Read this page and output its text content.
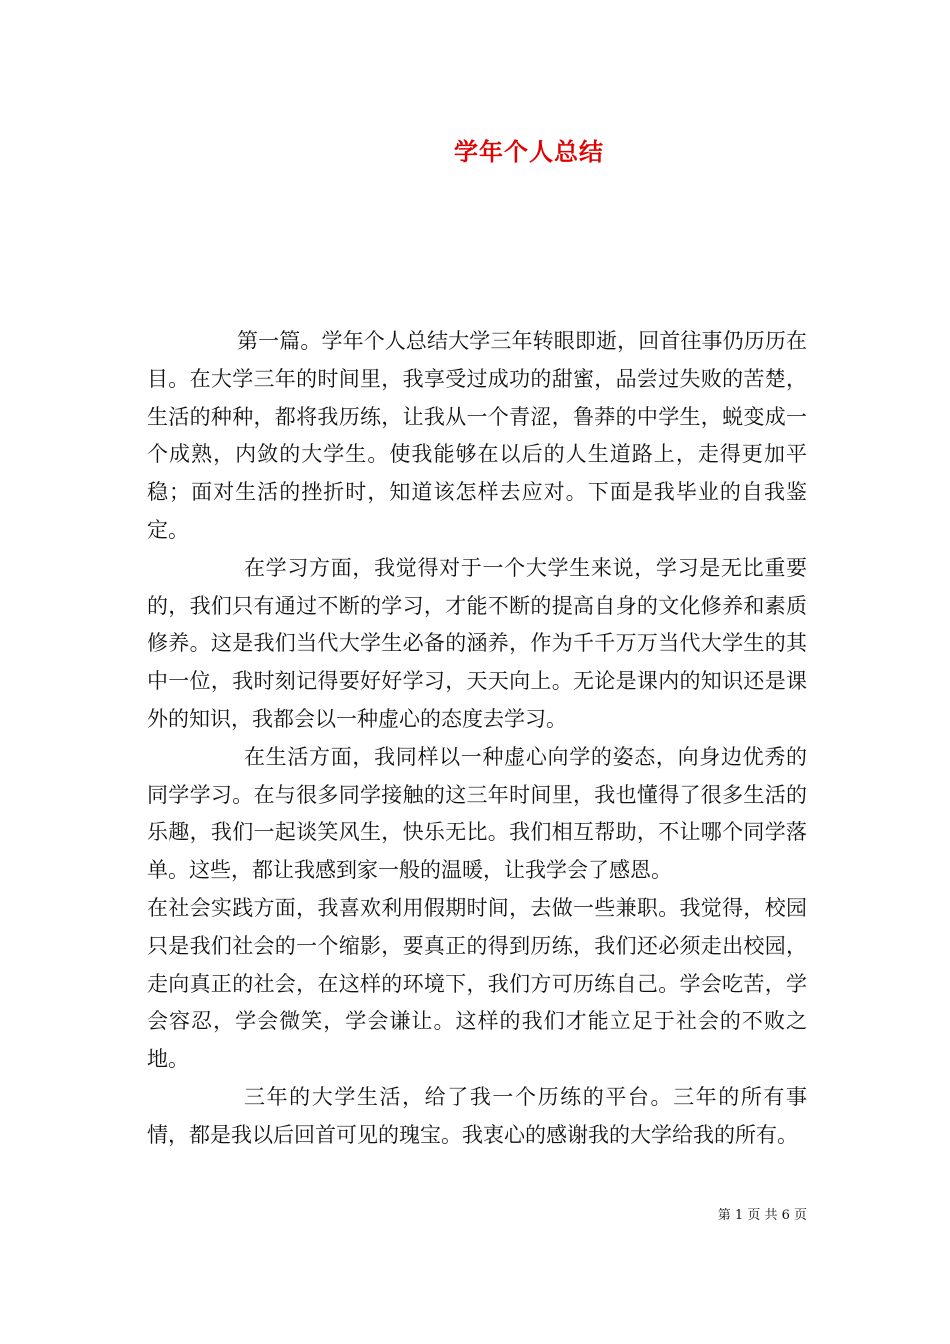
学年个人总结

第一篇。学年个人总结大学三年转眼即逝，回首往事仍历历在目。在大学三年的时间里，我享受过成功的甜蜜，品尝过失败的苦楚，生活的种种，都将我历练，让我从一个青涩，鲁莽的中学生，蜕变成一个成熟，内敛的大学生。使我能够在以后的人生道路上，走得更加平稳；面对生活的挫折时，知道该怎样去应对。下面是我毕业的自我鉴定。

在学习方面，我觉得对于一个大学生来说，学习是无比重要的，我们只有通过不断的学习，才能不断的提高自身的文化修养和素质修养。这是我们当代大学生必备的涵养，作为千千万万当代大学生的其中一位，我时刻记得要好好学习，天天向上。无论是课内的知识还是课外的知识，我都会以一种虚心的态度去学习。

在生活方面，我同样以一种虚心向学的姿态，向身边优秀的同学学习。在与很多同学接触的这三年时间里，我也懂得了很多生活的乐趣，我们一起谈笑风生，快乐无比。我们相互帮助，不让哪个同学落单。这些，都让我感到家一般的温暖，让我学会了感恩。

在社会实践方面，我喜欢利用假期时间，去做一些兼职。我觉得，校园只是我们社会的一个缩影，要真正的得到历练，我们还必须走出校园，走向真正的社会，在这样的环境下，我们方可历练自己。学会吃苦，学会容忍，学会微笑，学会谦让。这样的我们才能立足于社会的不败之地。

三年的大学生活，给了我一个历练的平台。三年的所有事情，都是我以后回首可见的瑰宝。我衷心的感谢我的大学给我的所有。

第 1 页 共 6 页
